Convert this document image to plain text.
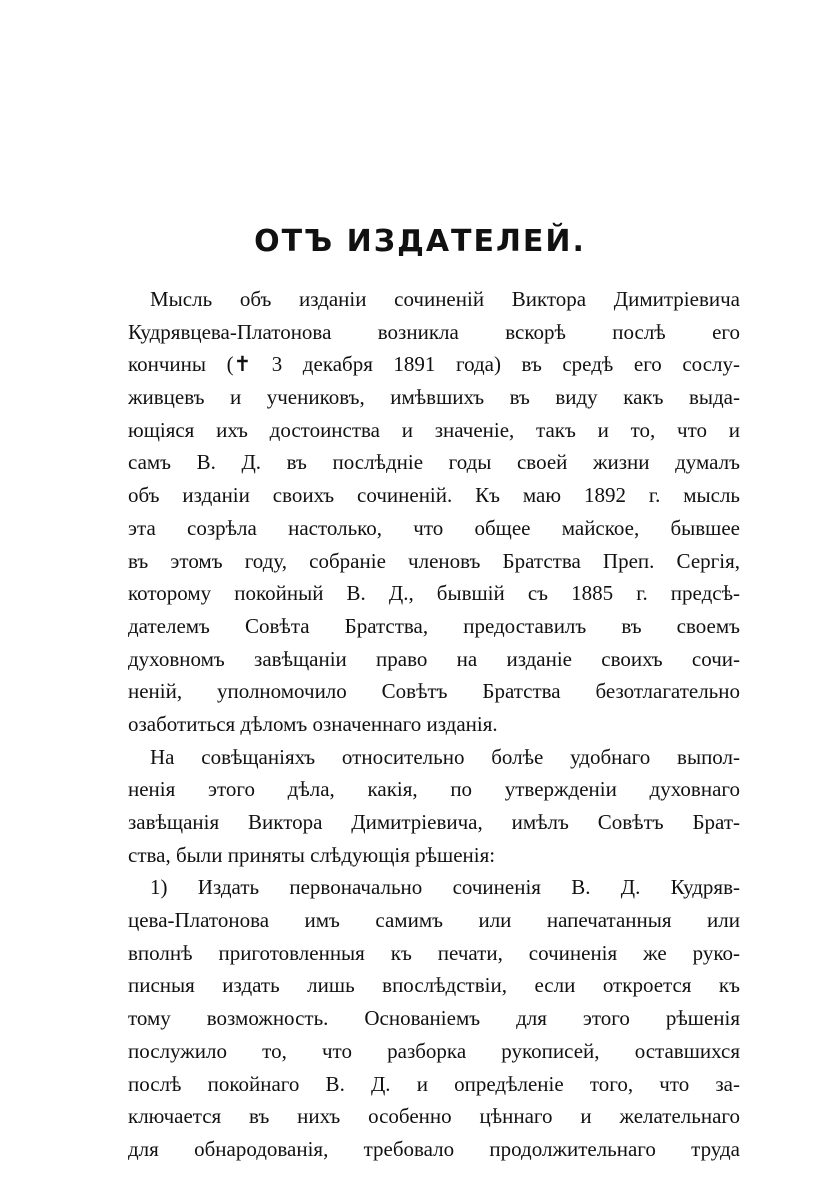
ОТЪ ИЗДАТЕЛЕЙ.
Мысль объ изданіи сочиненій Виктора Димитріевича
Кудрявцева-Платонова возникла вскорѣ послѣ его
кончины (✝ 3 декабря 1891 года) въ средѣ его сослу-
живцевъ и учениковъ, имѣвшихъ въ виду какъ выда-
ющіяся ихъ достоинства и значеніе, такъ и то, что и
самъ В. Д. въ послѣдніе годы своей жизни думалъ
объ изданіи своихъ сочиненій. Къ маю 1892 г. мысль
эта созрѣла настолько, что общее майское, бывшее
въ этомъ году, собраніе членовъ Братства Преп. Сергія,
которому покойный В. Д., бывшій съ 1885 г. предсѣ-
дателемъ Совѣта Братства, предоставилъ въ своемъ
духовномъ завѣщаніи право на изданіе своихъ сочи-
неній, уполномочило Совѣтъ Братства безотлагательно
озаботиться дѣломъ означеннаго изданія.
На совѣщаніяхъ относительно болѣе удобнаго выпол-
ненія этого дѣла, какія, по утвержденіи духовнаго
завѣщанія Виктора Димитріевича, имѣлъ Совѣтъ Брат-
ства, были приняты слѣдующія рѣшенія:
1) Издать первоначально сочиненія В. Д. Кудряв-
цева-Платонова имъ самимъ или напечатанныя или
вполнѣ приготовленныя къ печати, сочиненія же руко-
писныя издать лишь впослѣдствіи, если откроется къ
тому возможность. Основаніемъ для этого рѣшенія
послужило то, что разборка рукописей, оставшихся
послѣ покойнаго В. Д. и опредѣленіе того, что за-
ключается въ нихъ особенно цѣннаго и желательнаго
для обнародованія, требовало продолжительнаго труда
